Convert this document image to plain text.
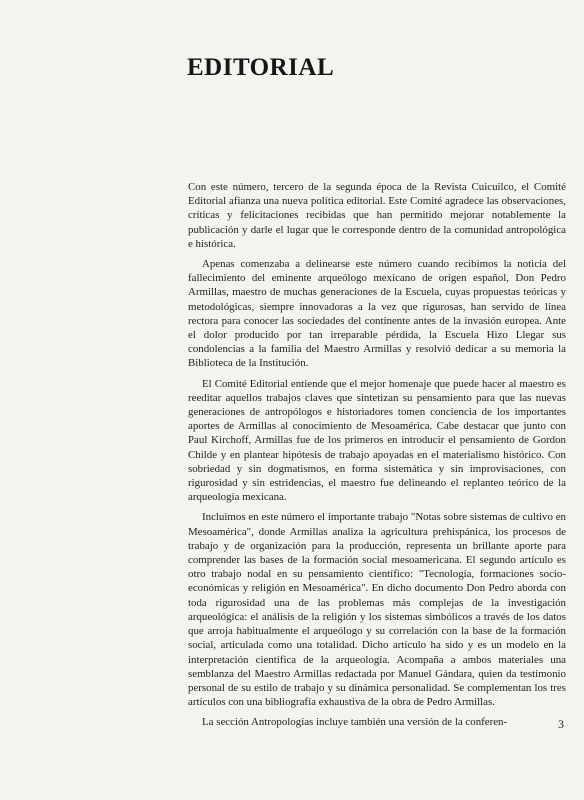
EDITORIAL

Con este número, tercero de la segunda época de la Revista Cuicuilco, el Comité Editorial afianza una nueva política editorial. Este Comité agradece las observaciones, críticas y felicitaciones recibidas que han permitido mejorar notablemente la publicación y darle el lugar que le corresponde dentro de la comunidad antropológica e histórica.

Apenas comenzaba a delinearse este número cuando recibimos la noticia del fallecimiento del eminente arqueólogo mexicano de origen español, Don Pedro Armillas, maestro de muchas generaciones de la Escuela, cuyas propuestas teóricas y metodológicas, siempre innovadoras a la vez que rigurosas, han servido de línea rectora para conocer las sociedades del continente antes de la invasión europea. Ante el dolor producido por tan irreparable pérdida, la Escuela Hizo Llegar sus condolencias a la familia del Maestro Armillas y resolvió dedicar a su memoria la Biblioteca de la Institución.

El Comité Editorial entiende que el mejor homenaje que puede hacer al maestro es reeditar aquellos trabajos claves que sintetizan su pensamiento para que las nuevas generaciones de antropólogos e historiadores tomen conciencia de los importantes aportes de Armillas al conocimiento de Mesoamérica. Cabe destacar que junto con Paul Kirchoff, Armillas fue de los primeros en introducir el pensamiento de Gordon Childe y en plantear hipótesis de trabajo apoyadas en el materialismo histórico. Con sobriedad y sin dogmatismos, en forma sistemática y sin improvisaciones, con rigurosidad y sin estridencias, el maestro fue delineando el replanteo teórico de la arqueología mexicana.

Incluimos en este número el importante trabajo "Notas sobre sistemas de cultivo en Mesoamérica", donde Armillas analiza la agricultura prehispánica, los procesos de trabajo y de organización para la producción, representa un brillante aporte para comprender las bases de la formación social mesoamericana. El segundo artículo es otro trabajo nodal en su pensamiento científico: "Tecnología, formaciones socio-económicas y religión en Mesoamérica". En dicho documento Don Pedro aborda con toda rigurosidad una de las problemas más complejas de la investigación arqueológica: el análisis de la religión y los sistemas simbólicos a través de los datos que arroja habitualmente el arqueólogo y su correlación con la base de la formación social, articulada como una totalidad. Dicho artículo ha sido y es un modelo en la interpretación científica de la arqueología. Acompaña a ambos materiales una semblanza del Maestro Armillas redactada por Manuel Gándara, quien da testimonio personal de su estilo de trabajo y su dinámica personalidad. Se complementan los tres artículos con una bibliografía exhaustiva de la obra de Pedro Armillas.

La sección Antropologías incluye también una versión de la conferen-	3
